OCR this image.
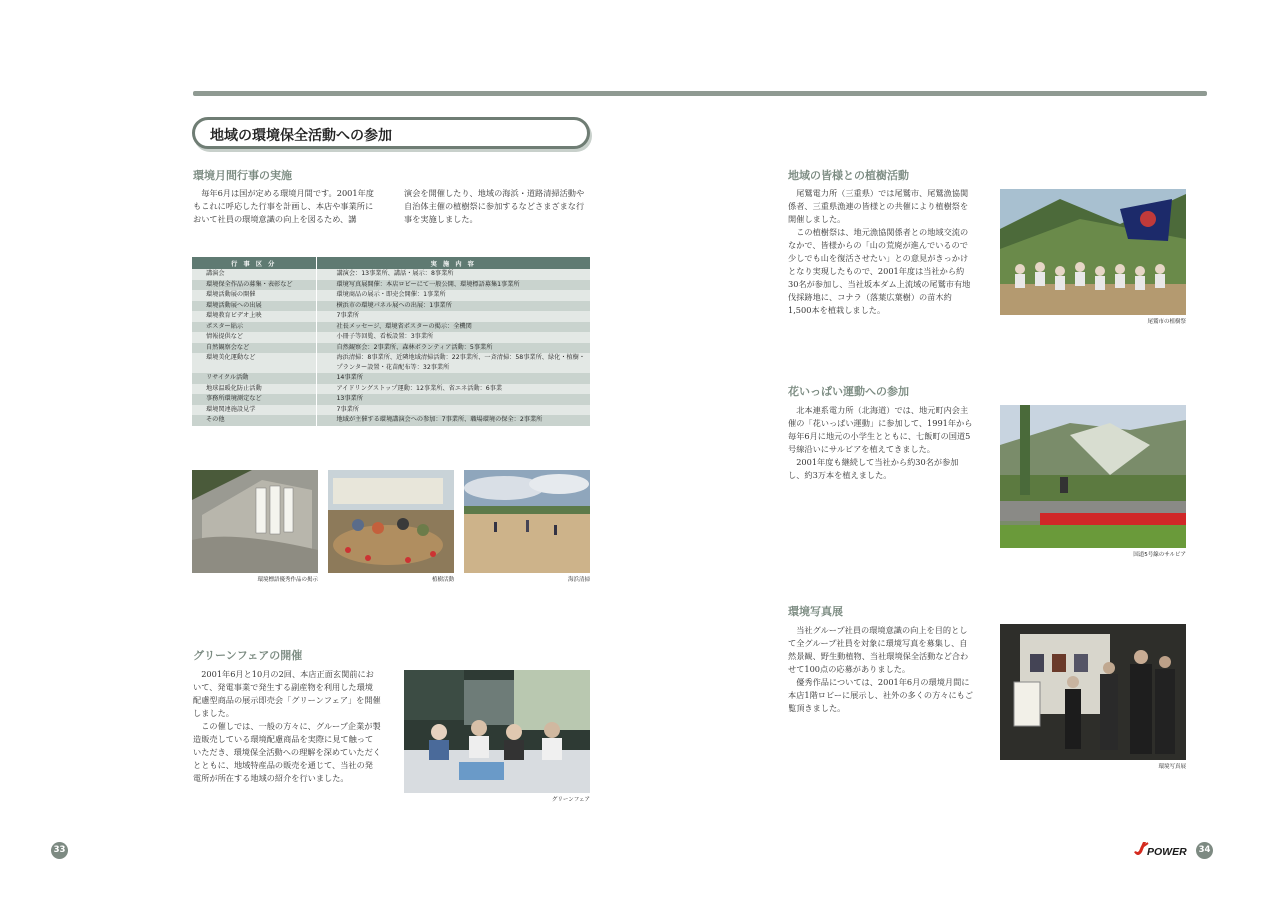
地域の環境保全活動への参加
環境月間行事の実施

毎年6月は国が定める環境月間です。2001年度もこれに呼応した行事を計画し、本店や事業所において社員の環境意識の向上を図るため、講

演会を開催したり、地域の海浜・道路清掃活動や自治体主催の植樹祭に参加するなどさまざまな行事を実施しました。
行 事 区 分	実 施 内 容
講演会	講演会：13事業所、講話・展示：8事業所
環境保全作品の募集・表彰など	環境写真展開催：本店ロビーにて一般公開、環境標語募集1事業所
環境活動展の開催	環境商品の展示・即売会開催：1事業所
環境活動展への出展	横浜市の環境パネル展への出展：1事業所
環境教育ビデオ上映	7事業所
ポスター貼示	社長メッセージ、環境省ポスターの掲示：全機関
情報提供など	小冊子等回覧、看板設置：3事業所
自然観察会など	自然観察会：2事業所、森林ボランティア活動：5事業所
環境美化運動など	海浜清掃：8事業所、近隣地域清掃活動：22事業所、一斉清掃：58事業所、緑化・植樹・プランター設置・花苗配布等：32事業所
リサイクル活動	14事業所
地球温暖化防止活動	アイドリングストップ運動：12事業所、省エネ活動：6事業
事務所環境測定など	13事業所
環境関連施設見学	7事業所
その他	地域が主催する環境講演会への参加：7事業所、職場環境の保全：2事業所
環境標語優秀作品の掲示	植樹活動	海浜清掃
グリーンフェアの開催

2001年6月と10月の2回、本店正面玄関前において、発電事業で発生する副産物を利用した環境配慮型商品の展示即売会「グリーンフェア」を開催しました。

この催しでは、一般の方々に、グループ企業が製造販売している環境配慮商品を実際に見て触っていただき、環境保全活動への理解を深めていただくとともに、地域特産品の販売を通じて、当社の発電所が所在する地域の紹介を行いました。

グリーンフェア
33
地域の皆様との植樹活動

尾鷲電力所（三重県）では尾鷲市、尾鷲漁協関係者、三重県漁連の皆様との共催により植樹祭を開催しました。

この植樹祭は、地元漁協関係者との地域交流のなかで、皆様からの「山の荒廃が進んでいるので少しでも山を復活させたい」との意見がきっかけとなり実現したもので、2001年度は当社から約30名が参加し、当社坂本ダム上流域の尾鷲市有地伐採跡地に、コナラ（落葉広葉樹）の苗木約1,500本を植栽しました。

尾鷲市の植樹祭
花いっぱい運動への参加

北本連系電力所（北海道）では、地元町内会主催の「花いっぱい運動」に参加して、1991年から毎年6月に地元の小学生とともに、七飯町の国道5号線沿いにサルビアを植えてきました。

2001年度も継続して当社から約30名が参加し、約3万本を植えました。

国道5号線のサルビア
環境写真展

当社グループ社員の環境意識の向上を目的として全グループ社員を対象に環境写真を募集し、自然景観、野生動植物、当社環境保全活動など合わせて100点の応募がありました。

優秀作品については、2001年6月の環境月間に本店1階ロビーに展示し、社外の多くの方々にもご覧頂きました。

環境写真展
POWER	34
